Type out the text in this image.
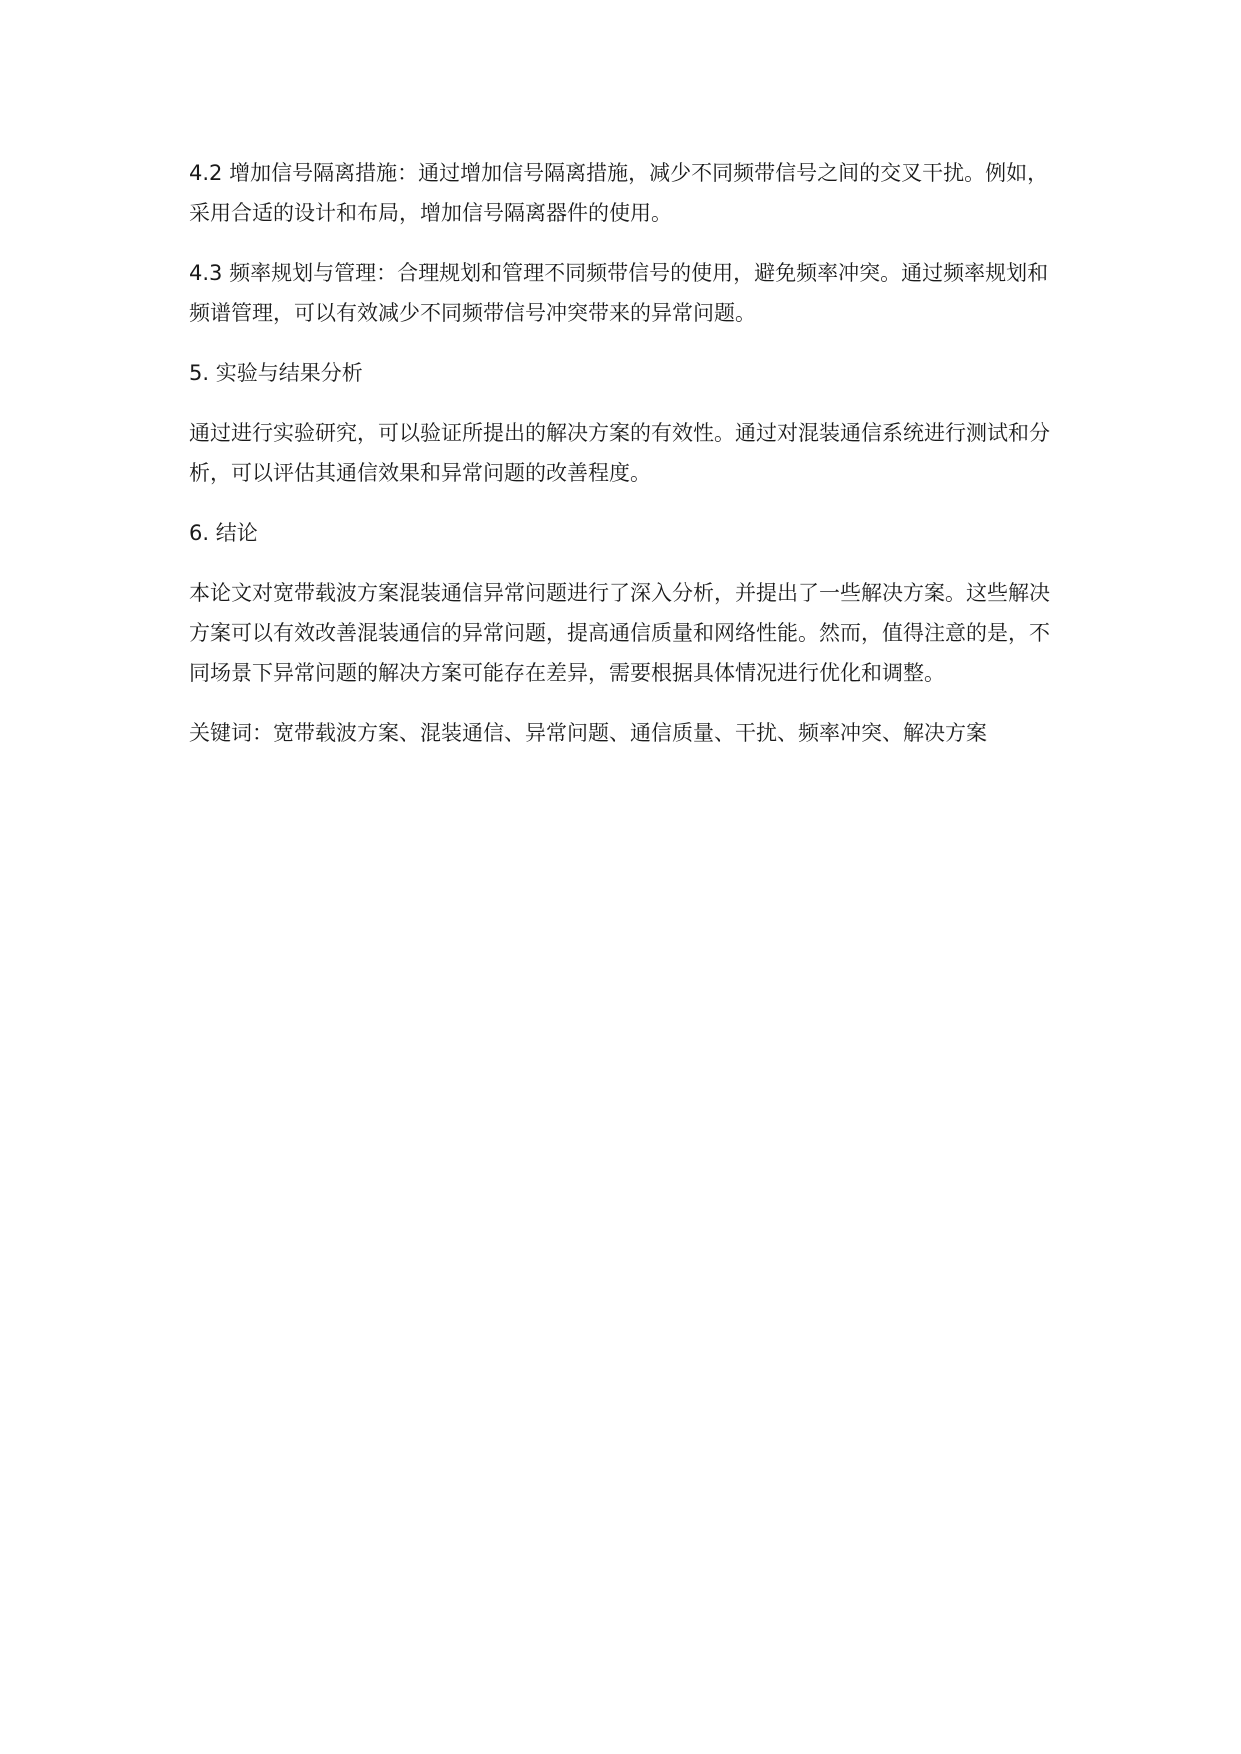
4.2 增加信号隔离措施：通过增加信号隔离措施，减少不同频带信号之间的交叉干扰。例如，采用合适的设计和布局，增加信号隔离器件的使用。

4.3 频率规划与管理：合理规划和管理不同频带信号的使用，避免频率冲突。通过频率规划和频谱管理，可以有效减少不同频带信号冲突带来的异常问题。

5. 实验与结果分析

通过进行实验研究，可以验证所提出的解决方案的有效性。通过对混装通信系统进行测试和分析，可以评估其通信效果和异常问题的改善程度。

6. 结论

本论文对宽带载波方案混装通信异常问题进行了深入分析，并提出了一些解决方案。这些解决方案可以有效改善混装通信的异常问题，提高通信质量和网络性能。然而，值得注意的是，不同场景下异常问题的解决方案可能存在差异，需要根据具体情况进行优化和调整。

关键词：宽带载波方案、混装通信、异常问题、通信质量、干扰、频率冲突、解决方案
